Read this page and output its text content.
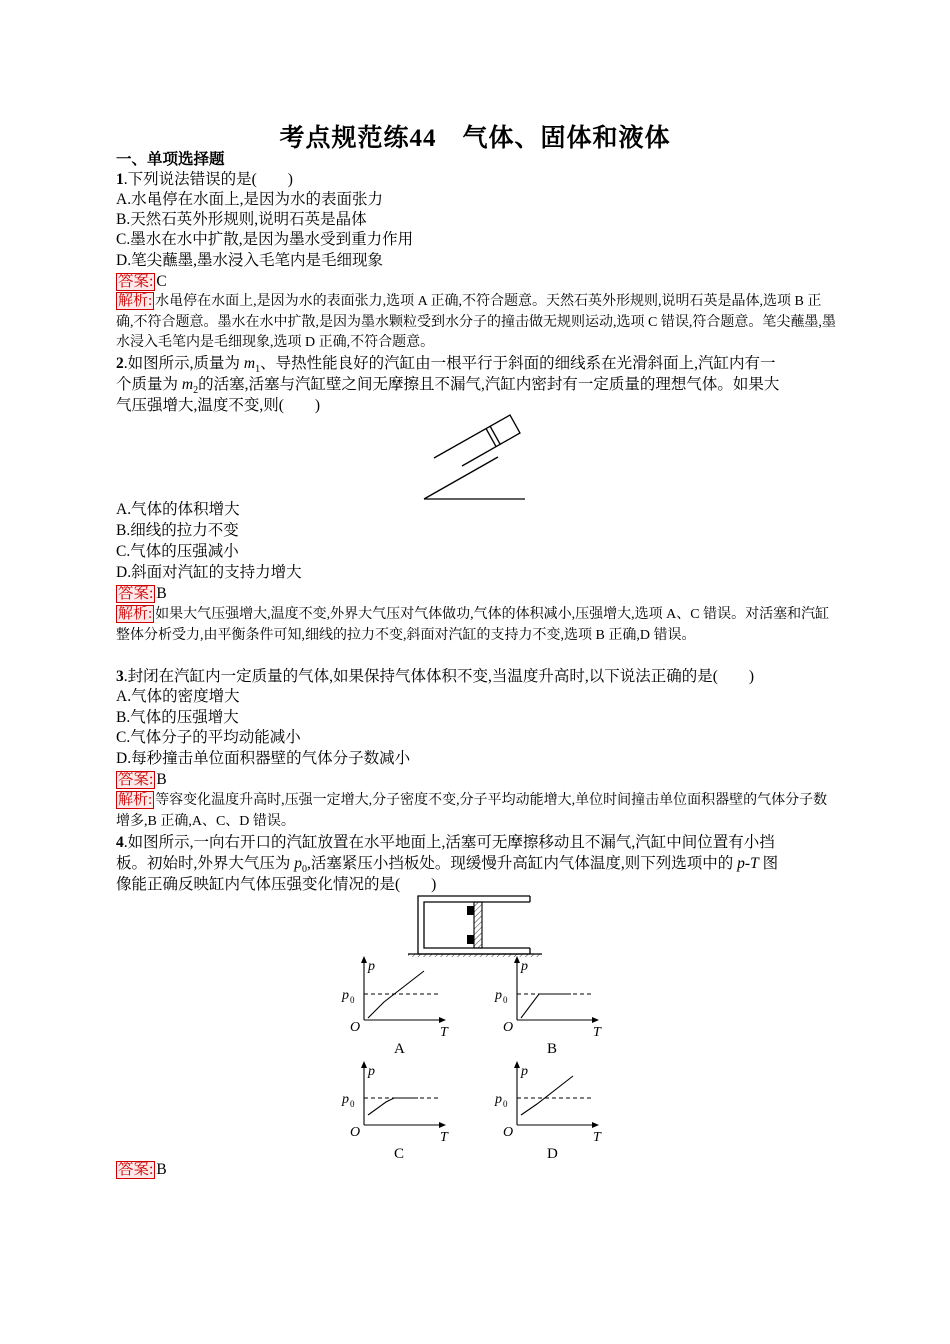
考点规范练44　气体、固体和液体
一、单项选择题
1.下列说法错误的是(　　)
A.水黾停在水面上,是因为水的表面张力
B.天然石英外形规则,说明石英是晶体
C.墨水在水中扩散,是因为墨水受到重力作用
D.笔尖蘸墨,墨水浸入毛笔内是毛细现象
答案: C
解析: 水黾停在水面上,是因为水的表面张力,选项 A 正确,不符合题意。天然石英外形规则,说明石英是晶体,选项 B 正确,不符合题意。墨水在水中扩散,是因为墨水颗粒受到水分子的撞击做无规则运动,选项 C 错误,符合题意。笔尖蘸墨,墨水浸入毛笔内是毛细现象,选项 D 正确,不符合题意。
2.如图所示,质量为 $m_1$、导热性能良好的汽缸由一根平行于斜面的细线系在光滑斜面上,汽缸内有一
个质量为 $m_2$的活塞,活塞与汽缸壁之间无摩擦且不漏气,汽缸内密封有一定质量的理想气体。如果大
气压强增大,温度不变,则(　　)
A.气体的体积增大
B.细线的拉力不变
C.气体的压强减小
D.斜面对汽缸的支持力增大
答案: B
解析: 如果大气压强增大,温度不变,外界大气压对气体做功,气体的体积减小,压强增大,选项 A、C 错误。对活塞和汽缸整体分析受力,由平衡条件可知,细线的拉力不变,斜面对汽缸的支持力不变,选项 B 正确,D 错误。
3.封闭在汽缸内一定质量的气体,如果保持气体体积不变,当温度升高时,以下说法正确的是(　　)
A.气体的密度增大
B.气体的压强增大
C.气体分子的平均动能减小
D.每秒撞击单位面积器壁的气体分子数减小
答案: B
解析: 等容变化温度升高时,压强一定增大,分子密度不变,分子平均动能增大,单位时间撞击单位面积器壁的气体分子数增多,B 正确,A、C、D 错误。
4.如图所示,一向右开口的汽缸放置在水平地面上,活塞可无摩擦移动且不漏气,汽缸中间位置有小挡
板。初始时,外界大气压为 $p_0$,活塞紧压小挡板处。现缓慢升高缸内气体温度,则下列选项中的 p-T 图
像能正确反映缸内气体压强变化情况的是(　　)
p
p 0
O	T
A
p
p 0
O	T
B
p
p 0
O	T
C
p
p 0
O	T
D
答案: B
